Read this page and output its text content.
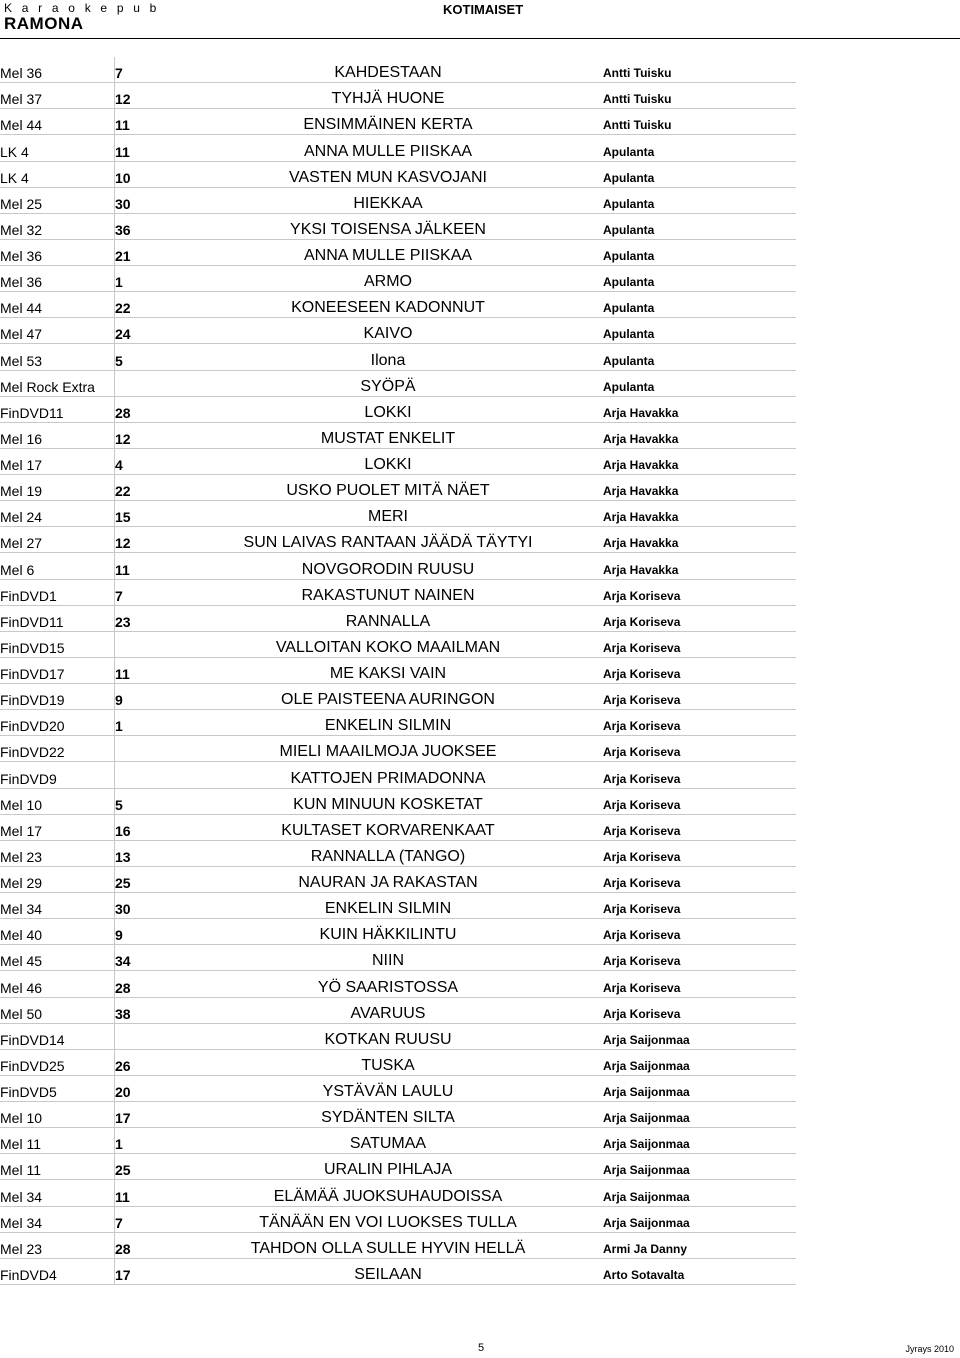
K a r a o k e p u b
RAMONA
KOTIMAISET
Mel 36	7	KAHDESTAAN	Antti Tuisku
Mel 37	12	TYHJÄ HUONE	Antti Tuisku
Mel 44	11	ENSIMMÄINEN KERTA	Antti Tuisku
LK 4	11	ANNA MULLE PIISKAA	Apulanta
LK 4	10	VASTEN MUN KASVOJANI	Apulanta
Mel 25	30	HIEKKAA	Apulanta
Mel 32	36	YKSI TOISENSA JÄLKEEN	Apulanta
Mel 36	21	ANNA MULLE PIISKAA	Apulanta
Mel 36	1	ARMO	Apulanta
Mel 44	22	KONEESEEN KADONNUT	Apulanta
Mel 47	24	KAIVO	Apulanta
Mel 53	5	Ilona	Apulanta
Mel Rock Extra		SYÖPÄ	Apulanta
FinDVD11	28	LOKKI	Arja Havakka
Mel 16	12	MUSTAT ENKELIT	Arja Havakka
Mel 17	4	LOKKI	Arja Havakka
Mel 19	22	USKO PUOLET MITÄ NÄET	Arja Havakka
Mel 24	15	MERI	Arja Havakka
Mel 27	12	SUN LAIVAS RANTAAN JÄÄDÄ TÄYTYI	Arja Havakka
Mel 6	11	NOVGORODIN RUUSU	Arja Havakka
FinDVD1	7	RAKASTUNUT NAINEN	Arja Koriseva
FinDVD11	23	RANNALLA	Arja Koriseva
FinDVD15		VALLOITAN KOKO MAAILMAN	Arja Koriseva
FinDVD17	11	ME KAKSI VAIN	Arja Koriseva
FinDVD19	9	OLE PAISTEENA AURINGON	Arja Koriseva
FinDVD20	1	ENKELIN SILMIN	Arja Koriseva
FinDVD22		MIELI MAAILMOJA JUOKSEE	Arja Koriseva
FinDVD9		KATTOJEN PRIMADONNA	Arja Koriseva
Mel 10	5	KUN MINUUN KOSKETAT	Arja Koriseva
Mel 17	16	KULTASET KORVARENKAAT	Arja Koriseva
Mel 23	13	RANNALLA (TANGO)	Arja Koriseva
Mel 29	25	NAURAN JA RAKASTAN	Arja Koriseva
Mel 34	30	ENKELIN SILMIN	Arja Koriseva
Mel 40	9	KUIN HÄKKILINTU	Arja Koriseva
Mel 45	34	NIIN	Arja Koriseva
Mel 46	28	YÖ SAARISTOSSA	Arja Koriseva
Mel 50	38	AVARUUS	Arja Koriseva
FinDVD14		KOTKAN RUUSU	Arja Saijonmaa
FinDVD25	26	TUSKA	Arja Saijonmaa
FinDVD5	20	YSTÄVÄN LAULU	Arja Saijonmaa
Mel 10	17	SYDÄNTEN SILTA	Arja Saijonmaa
Mel 11	1	SATUMAA	Arja Saijonmaa
Mel 11	25	URALIN PIHLAJA	Arja Saijonmaa
Mel 34	11	ELÄMÄÄ JUOKSUHAUDOISSA	Arja Saijonmaa
Mel 34	7	TÄNÄÄN EN VOI LUOKSES TULLA	Arja Saijonmaa
Mel 23	28	TAHDON OLLA SULLE HYVIN HELLÄ	Armi Ja Danny
FinDVD4	17	SEILAAN	Arto Sotavalta
5	Jyrays 2010
